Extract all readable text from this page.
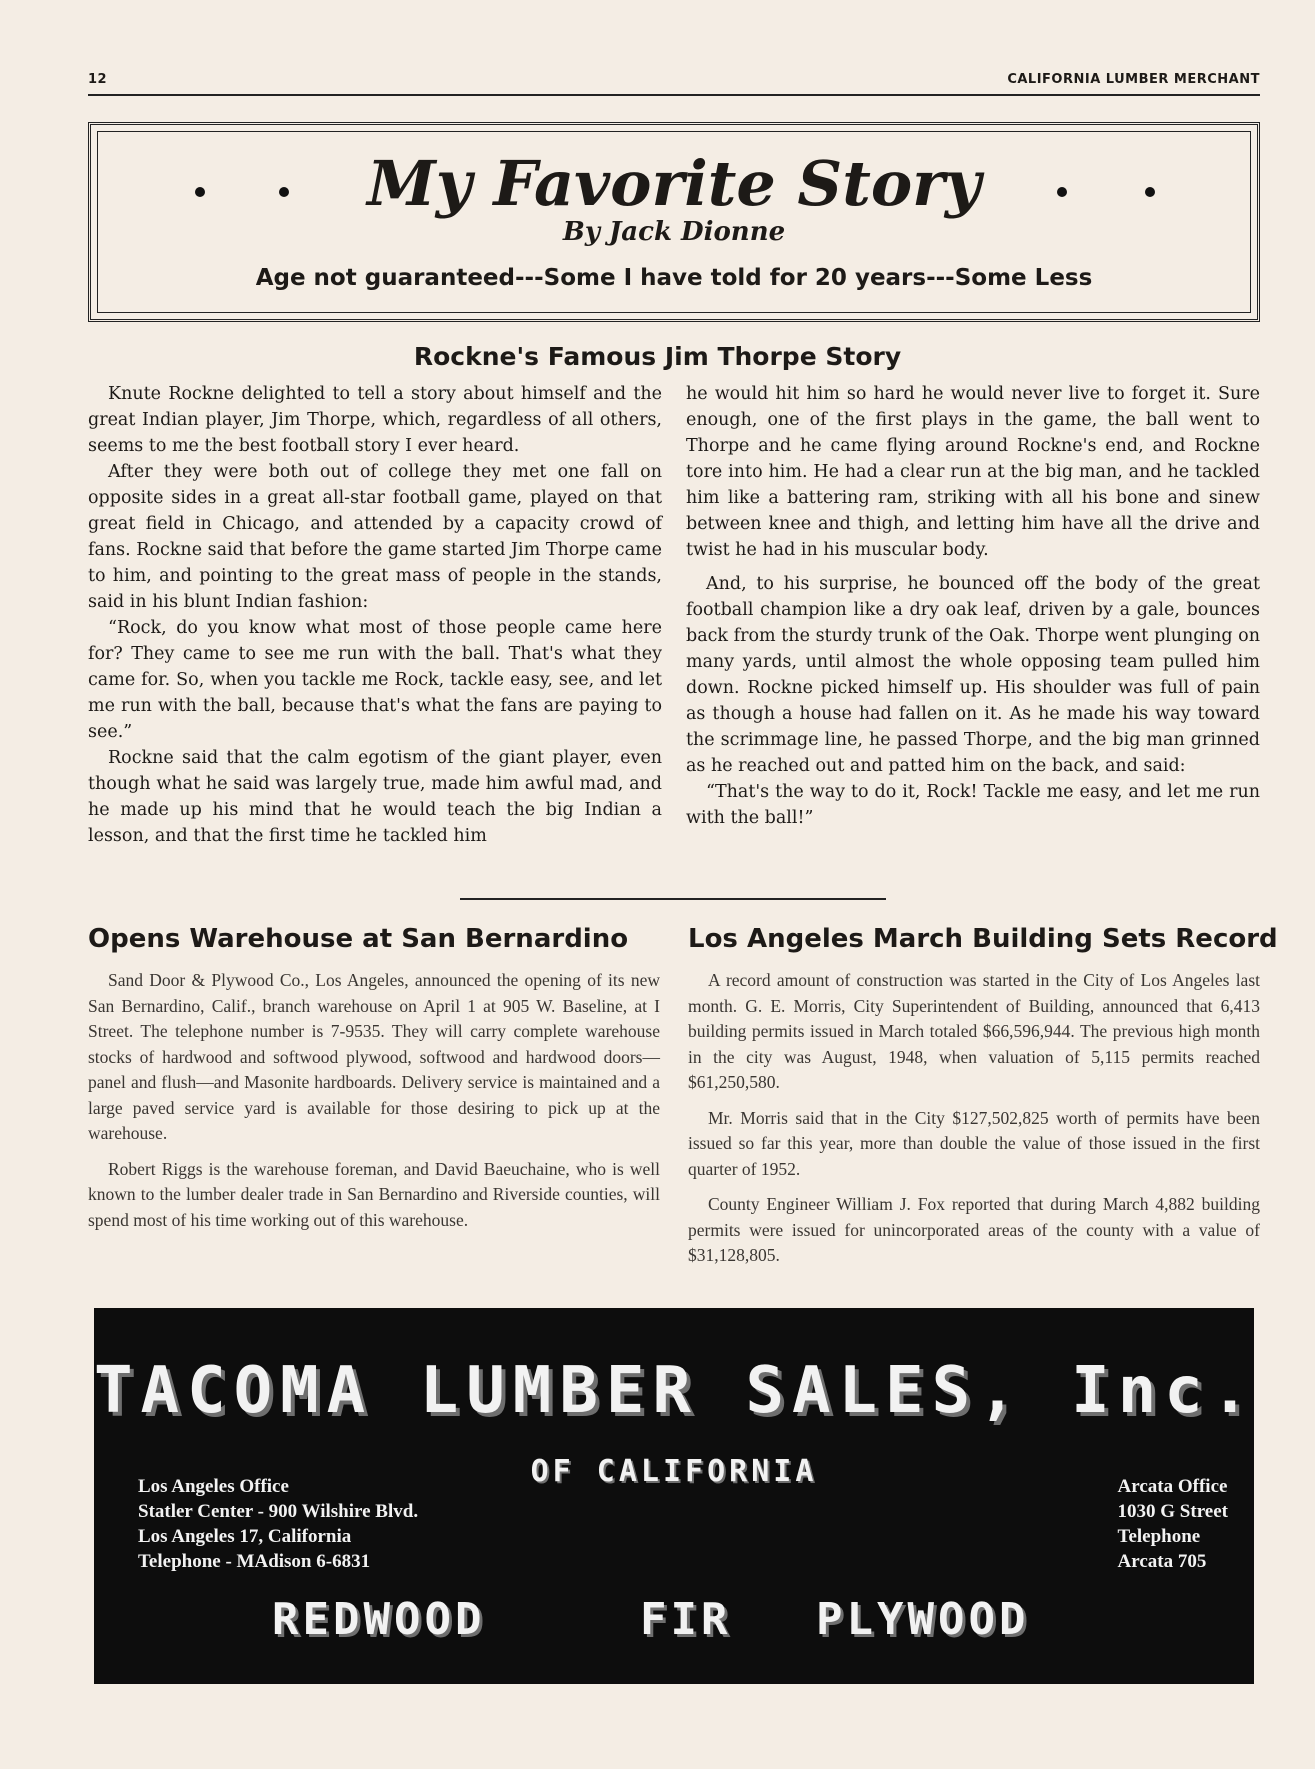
12	CALIFORNIA LUMBER MERCHANT
My Favorite Story
By Jack Dionne
Age not guaranteed---Some I have told for 20 years---Some Less
Rockne's Famous Jim Thorpe Story

Knute Rockne delighted to tell a story about himself and the great Indian player, Jim Thorpe, which, regardless of all others, seems to me the best football story I ever heard.

After they were both out of college they met one fall on opposite sides in a great all-star football game, played on that great field in Chicago, and attended by a capacity crowd of fans. Rockne said that before the game started Jim Thorpe came to him, and pointing to the great mass of people in the stands, said in his blunt Indian fashion:

“Rock, do you know what most of those people came here for? They came to see me run with the ball. That's what they came for. So, when you tackle me Rock, tackle easy, see, and let me run with the ball, because that's what the fans are paying to see.”

Rockne said that the calm egotism of the giant player, even though what he said was largely true, made him awful mad, and he made up his mind that he would teach the big Indian a lesson, and that the first time he tackled him

he would hit him so hard he would never live to forget it. Sure enough, one of the first plays in the game, the ball went to Thorpe and he came flying around Rockne's end, and Rockne tore into him. He had a clear run at the big man, and he tackled him like a battering ram, striking with all his bone and sinew between knee and thigh, and letting him have all the drive and twist he had in his muscular body.

And, to his surprise, he bounced off the body of the great football champion like a dry oak leaf, driven by a gale, bounces back from the sturdy trunk of the Oak. Thorpe went plunging on many yards, until almost the whole opposing team pulled him down. Rockne picked himself up. His shoulder was full of pain as though a house had fallen on it. As he made his way toward the scrimmage line, he passed Thorpe, and the big man grinned as he reached out and patted him on the back, and said:

“That's the way to do it, Rock! Tackle me easy, and let me run with the ball!”

Opens Warehouse at San Bernardino

Sand Door & Plywood Co., Los Angeles, announced the opening of its new San Bernardino, Calif., branch warehouse on April 1 at 905 W. Baseline, at I Street. The telephone number is 7-9535. They will carry complete warehouse stocks of hardwood and softwood plywood, softwood and hardwood doors—panel and flush—and Masonite hardboards. Delivery service is maintained and a large paved service yard is available for those desiring to pick up at the warehouse.

Robert Riggs is the warehouse foreman, and David Baeuchaine, who is well known to the lumber dealer trade in San Bernardino and Riverside counties, will spend most of his time working out of this warehouse.

Los Angeles March Building Sets Record

A record amount of construction was started in the City of Los Angeles last month. G. E. Morris, City Superintendent of Building, announced that 6,413 building permits issued in March totaled $66,596,944. The previous high month in the city was August, 1948, when valuation of 5,115 permits reached $61,250,580.

Mr. Morris said that in the City $127,502,825 worth of permits have been issued so far this year, more than double the value of those issued in the first quarter of 1952.

County Engineer William J. Fox reported that during March 4,882 building permits were issued for unincorporated areas of the county with a value of $31,128,805.

TACOMA LUMBER SALES, Inc.
OF CALIFORNIA
Los Angeles Office
Statler Center - 900 Wilshire Blvd.
Los Angeles 17, California
Telephone - MAdison 6-6831
Arcata Office
1030 G Street
Telephone
Arcata 705
REDWOOD	FIR PLYWOOD
